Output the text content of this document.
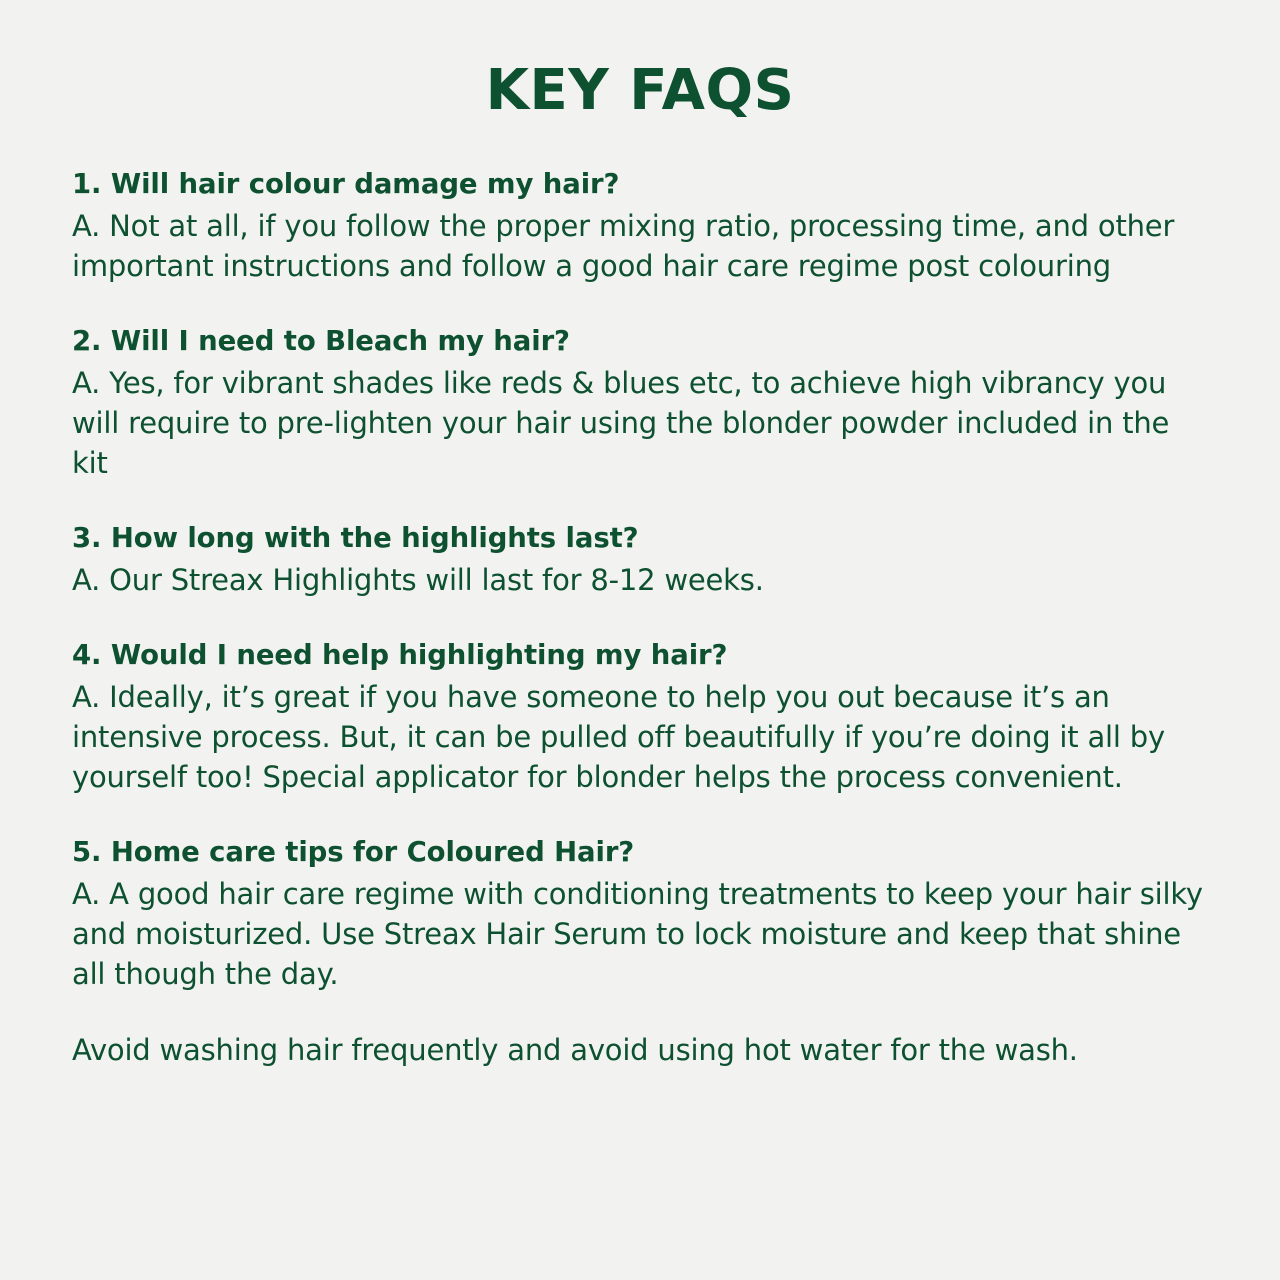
KEY FAQS

1. Will hair colour damage my hair?

A. Not at all, if you follow the proper mixing ratio, processing time, and other important instructions and follow a good hair care regime post colouring

2. Will I need to Bleach my hair?

A. Yes, for vibrant shades like reds & blues etc, to achieve high vibrancy you will require to pre-lighten your hair using the blonder powder included in the kit

3. How long with the highlights last?

A. Our Streax Highlights will last for 8-12 weeks.

4. Would I need help highlighting my hair?

A. Ideally, it’s great if you have someone to help you out because it’s an intensive process. But, it can be pulled off beautifully if you’re doing it all by yourself too! Special applicator for blonder helps the process convenient.

5. Home care tips for Coloured Hair?

A. A good hair care regime with conditioning treatments to keep your hair silky and moisturized. Use Streax Hair Serum to lock moisture and keep that shine all though the day.

Avoid washing hair frequently and avoid using hot water for the wash.
